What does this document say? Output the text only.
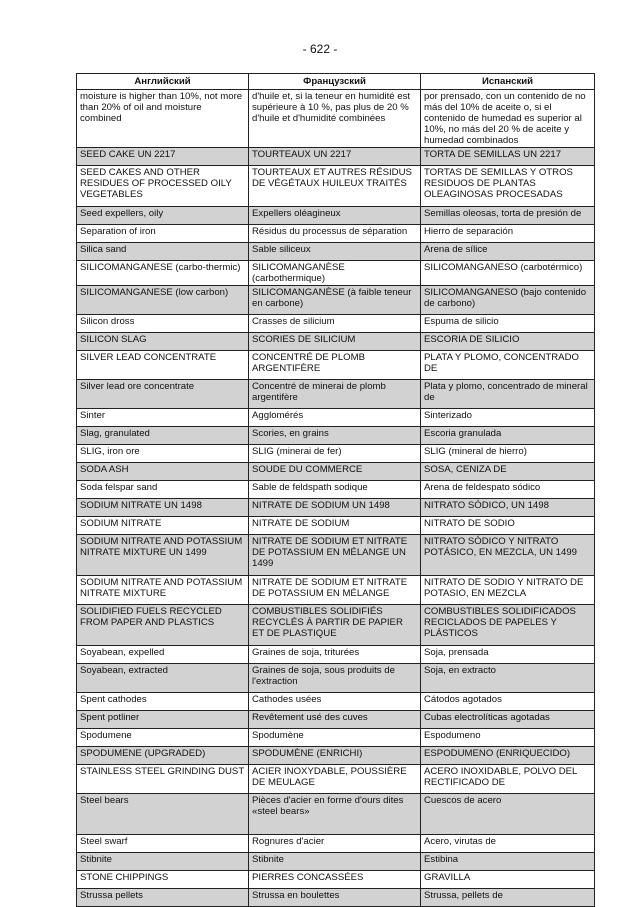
- 622 -
Английский	Французский	Испанский
moisture is higher than 10%, not more than 20% of oil and moisture combined	d'huile et, si la teneur en humidité est supérieure à 10 %, pas plus de 20 % d'huile et d'humidité combinées	por prensado, con un contenido de no más del 10% de aceite o, si el contenido de humedad es superior al 10%, no más del 20 % de aceite y humedad combinados
SEED CAKE UN 2217	TOURTEAUX UN 2217	TORTA DE SEMILLAS UN 2217
SEED CAKES AND OTHER RESIDUES OF PROCESSED OILY VEGETABLES	TOURTEAUX ET AUTRES RÉSIDUS DE VÉGÉTAUX HUILEUX TRAITÉS	TORTAS DE SEMILLAS Y OTROS RESIDUOS DE PLANTAS OLEAGINOSAS PROCESADAS
Seed expellers, oily	Expellers oléagineux	Semillas oleosas, torta de presión de
Separation of iron	Résidus du processus de séparation	Hierro de separación
Silica sand	Sable siliceux	Arena de sílice
SILICOMANGANESE (carbo-thermic)	SILICOMANGANÈSE (carbothermique)	SILICOMANGANESO (carbotérmico)
SILICOMANGANESE (low carbon)	SILICOMANGANÈSE (à faible teneur en carbone)	SILICOMANGANESO (bajo contenido de carbono)
Silicon dross	Crasses de silicium	Espuma de silicio
SILICON SLAG	SCORIES DE SILICIUM	ESCORIA DE SILICIO
SILVER LEAD CONCENTRATE	CONCENTRÉ DE PLOMB ARGENTIFÈRE	PLATA Y PLOMO, CONCENTRADO DE
Silver lead ore concentrate	Concentré de minerai de plomb argentifère	Plata y plomo, concentrado de mineral de
Sinter	Agglomérés	Sinterizado
Slag, granulated	Scories, en grains	Escoria granulada
SLIG, iron ore	SLIG (minerai de fer)	SLIG (mineral de hierro)
SODA ASH	SOUDE DU COMMERCE	SOSA, CENIZA DE
Soda felspar sand	Sable de feldspath sodique	Arena de feldespato sódico
SODIUM NITRATE UN 1498	NITRATE DE SODIUM UN 1498	NITRATO SÓDICO, UN 1498
SODIUM NITRATE	NITRATE DE SODIUM	NITRATO DE SODIO
SODIUM NITRATE AND POTASSIUM NITRATE MIXTURE UN 1499	NITRATE DE SODIUM ET NITRATE DE POTASSIUM EN MÉLANGE UN 1499	NITRATO SÓDICO Y NITRATO POTÁSICO, EN MEZCLA, UN 1499
SODIUM NITRATE AND POTASSIUM NITRATE MIXTURE	NITRATE DE SODIUM ET NITRATE DE POTASSIUM EN MÉLANGE	NITRATO DE SODIO Y NITRATO DE POTASIO, EN MEZCLA
SOLIDIFIED FUELS RECYCLED FROM PAPER AND PLASTICS	COMBUSTIBLES SOLIDIFIÉS RECYCLÉS À PARTIR DE PAPIER ET DE PLASTIQUE	COMBUSTIBLES SOLIDIFICADOS RECICLADOS DE PAPELES Y PLÁSTICOS
Soyabean, expelled	Graines de soja, triturées	Soja, prensada
Soyabean, extracted	Graines de soja, sous produits de l'extraction	Soja, en extracto
Spent cathodes	Cathodes usées	Cátodos agotados
Spent potliner	Revêtement usé des cuves	Cubas electrolíticas agotadas
Spodumene	Spodumène	Espodumeno
SPODUMENE (UPGRADED)	SPODUMÈNE (ENRICHI)	ESPODUMENO (ENRIQUECIDO)
STAINLESS STEEL GRINDING DUST	ACIER INOXYDABLE, POUSSIÈRE DE MEULAGE	ACERO INOXIDABLE, POLVO DEL RECTIFICADO DE
Steel bears	Pièces d'acier en forme d'ours dites «steel bears»	Cuescos de acero
Steel swarf	Rognures d'acier	Acero, virutas de
Stibnite	Stibnite	Estibina
STONE CHIPPINGS	PIERRES CONCASSÉES	GRAVILLA
Strussa pellets	Strussa en boulettes	Strussa, pellets de
